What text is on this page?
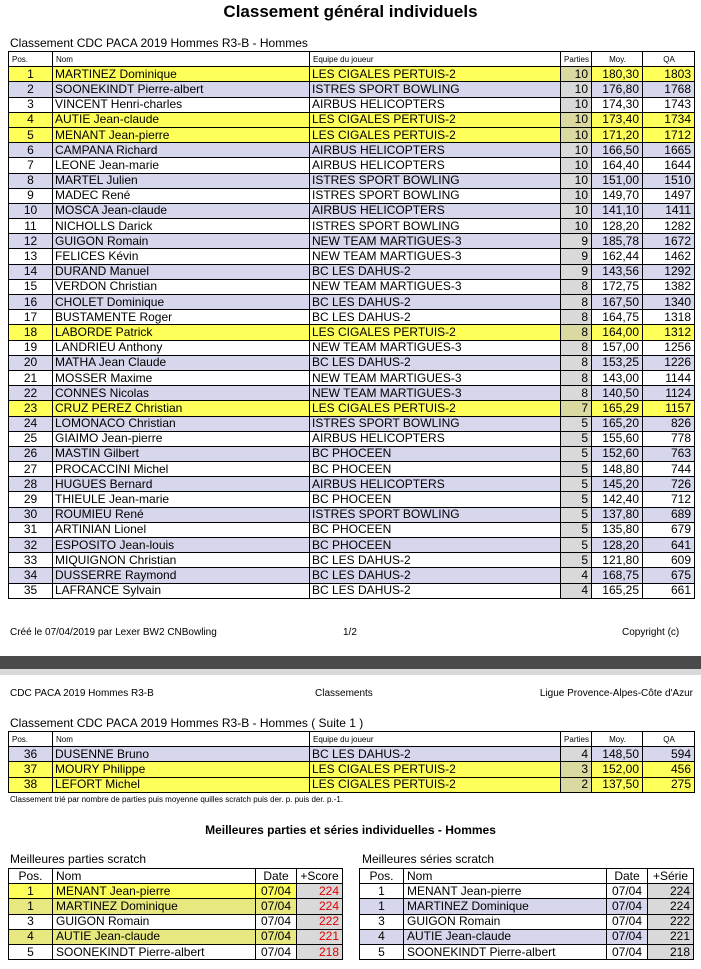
Classement général individuels
Classement CDC PACA 2019 Hommes R3-B - Hommes
Pos.	Nom	Equipe du joueur	Parties	Moy.	QA
1	MARTINEZ Dominique	LES CIGALES PERTUIS-2	10	180,30	1803
2	SOONEKINDT Pierre-albert	ISTRES SPORT BOWLING	10	176,80	1768
3	VINCENT Henri-charles	AIRBUS HELICOPTERS	10	174,30	1743
4	AUTIE Jean-claude	LES CIGALES PERTUIS-2	10	173,40	1734
5	MENANT Jean-pierre	LES CIGALES PERTUIS-2	10	171,20	1712
6	CAMPANA Richard	AIRBUS HELICOPTERS	10	166,50	1665
7	LEONE Jean-marie	AIRBUS HELICOPTERS	10	164,40	1644
8	MARTEL Julien	ISTRES SPORT BOWLING	10	151,00	1510
9	MADEC René	ISTRES SPORT BOWLING	10	149,70	1497
10	MOSCA Jean-claude	AIRBUS HELICOPTERS	10	141,10	1411
11	NICHOLLS Darick	ISTRES SPORT BOWLING	10	128,20	1282
12	GUIGON Romain	NEW TEAM MARTIGUES-3	9	185,78	1672
13	FELICES Kévin	NEW TEAM MARTIGUES-3	9	162,44	1462
14	DURAND Manuel	BC LES DAHUS-2	9	143,56	1292
15	VERDON Christian	NEW TEAM MARTIGUES-3	8	172,75	1382
16	CHOLET Dominique	BC LES DAHUS-2	8	167,50	1340
17	BUSTAMENTE Roger	BC LES DAHUS-2	8	164,75	1318
18	LABORDE Patrick	LES CIGALES PERTUIS-2	8	164,00	1312
19	LANDRIEU Anthony	NEW TEAM MARTIGUES-3	8	157,00	1256
20	MATHA Jean Claude	BC LES DAHUS-2	8	153,25	1226
21	MOSSER Maxime	NEW TEAM MARTIGUES-3	8	143,00	1144
22	CONNES Nicolas	NEW TEAM MARTIGUES-3	8	140,50	1124
23	CRUZ PEREZ Christian	LES CIGALES PERTUIS-2	7	165,29	1157
24	LOMONACO Christian	ISTRES SPORT BOWLING	5	165,20	826
25	GIAIMO Jean-pierre	AIRBUS HELICOPTERS	5	155,60	778
26	MASTIN Gilbert	BC PHOCEEN	5	152,60	763
27	PROCACCINI Michel	BC PHOCEEN	5	148,80	744
28	HUGUES Bernard	AIRBUS HELICOPTERS	5	145,20	726
29	THIEULE Jean-marie	BC PHOCEEN	5	142,40	712
30	ROUMIEU René	ISTRES SPORT BOWLING	5	137,80	689
31	ARTINIAN Lionel	BC PHOCEEN	5	135,80	679
32	ESPOSITO Jean-louis	BC PHOCEEN	5	128,20	641
33	MIQUIGNON Christian	BC LES DAHUS-2	5	121,80	609
34	DUSSERRE Raymond	BC LES DAHUS-2	4	168,75	675
35	LAFRANCE Sylvain	BC LES DAHUS-2	4	165,25	661
Créé le 07/04/2019 par Lexer BW2 CNBowling	1/2	Copyright (c)
CDC PACA 2019 Hommes R3-B	Classements	Ligue Provence-Alpes-Côte d'Azur
Classement CDC PACA 2019 Hommes R3-B - Hommes ( Suite 1 )
Pos.	Nom	Equipe du joueur	Parties	Moy.	QA
36	DUSENNE Bruno	BC LES DAHUS-2	4	148,50	594
37	MOURY Philippe	LES CIGALES PERTUIS-2	3	152,00	456
38	LEFORT Michel	LES CIGALES PERTUIS-2	2	137,50	275
Classement trié par nombre de parties puis moyenne quilles scratch puis der. p. puis der. p.-1.
Meilleures parties et séries individuelles - Hommes
Meilleures parties scratch
Pos.	Nom	Date	+Score
1	MENANT Jean-pierre	07/04	224
1	MARTINEZ Dominique	07/04	224
3	GUIGON Romain	07/04	222
4	AUTIE Jean-claude	07/04	221
5	SOONEKINDT Pierre-albert	07/04	218
Meilleures séries scratch
Pos.	Nom	Date	+Série
1	MENANT Jean-pierre	07/04	224
1	MARTINEZ Dominique	07/04	224
3	GUIGON Romain	07/04	222
4	AUTIE Jean-claude	07/04	221
5	SOONEKINDT Pierre-albert	07/04	218
